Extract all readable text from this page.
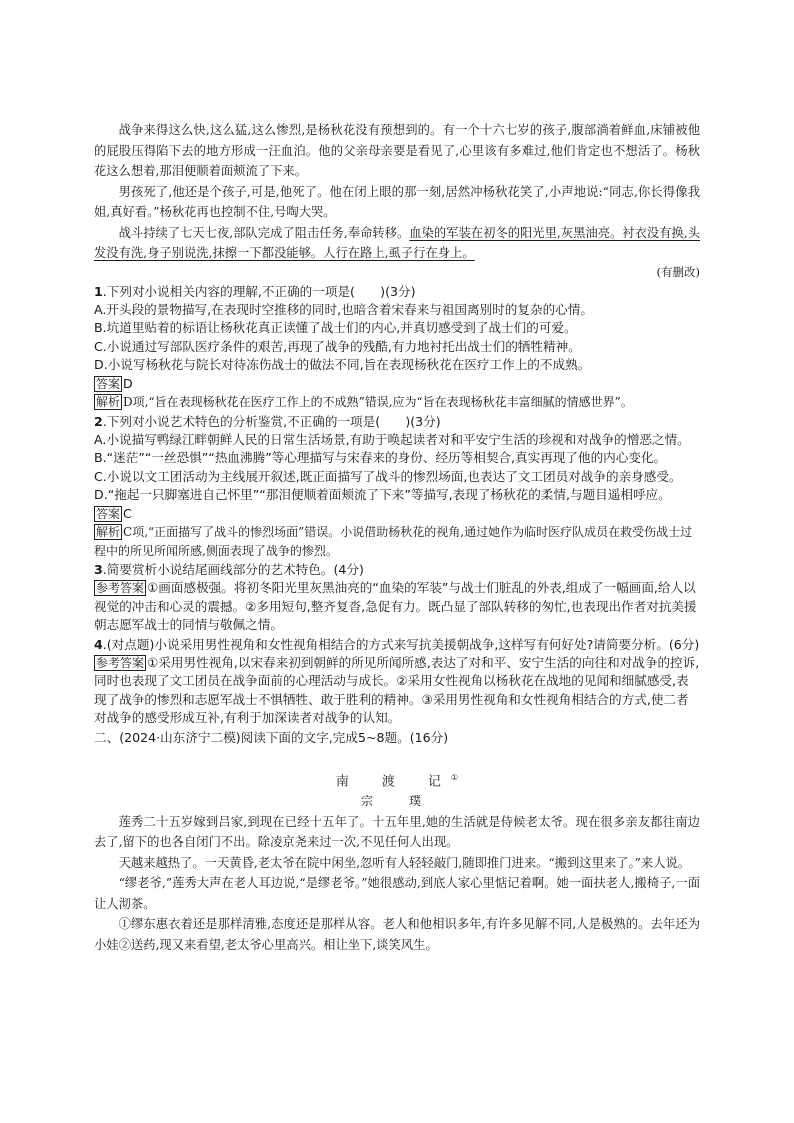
战争来得这么快,这么猛,这么惨烈,是杨秋花没有预想到的。有一个十六七岁的孩子,腹部淌着鲜血,床铺被他的屁股压得陷下去的地方形成一汪血泊。他的父亲母亲要是看见了,心里该有多难过,他们肯定也不想活了。杨秋花这么想着,那泪便顺着面颊流了下来。

男孩死了,他还是个孩子,可是,他死了。他在闭上眼的那一刻,居然冲杨秋花笑了,小声地说:“同志,你长得像我姐,真好看。”杨秋花再也控制不住,号啕大哭。

战斗持续了七天七夜,部队完成了阻击任务,奉命转移。血染的军装在初冬的阳光里,灰黑油亮。衬衣没有换,头发没有洗,身子别说洗,抹擦一下都没能够。人行在路上,虱子行在身上。

(有删改)

1.下列对小说相关内容的理解,不正确的一项是(　　)(3分)

A.开头段的景物描写,在表现时空推移的同时,也暗含着宋春来与祖国离别时的复杂的心情。

B.坑道里贴着的标语让杨秋花真正读懂了战士们的内心,并真切感受到了战士们的可爱。

C.小说通过写部队医疗条件的艰苦,再现了战争的残酷,有力地衬托出战士们的牺牲精神。

D.小说写杨秋花与院长对待冻伤战士的做法不同,旨在表现杨秋花在医疗工作上的不成熟。

答案 D

解析 D项,“旨在表现杨秋花在医疗工作上的不成熟”错误,应为“旨在表现杨秋花丰富细腻的情感世界”。

2.下列对小说艺术特色的分析鉴赏,不正确的一项是(　　)(3分)

A.小说描写鸭绿江畔朝鲜人民的日常生活场景,有助于唤起读者对和平安宁生活的珍视和对战争的憎恶之情。

B.“迷茫”“一丝恐惧”“热血沸腾”等心理描写与宋春来的身份、经历等相契合,真实再现了他的内心变化。

C.小说以文工团活动为主线展开叙述,既正面描写了战斗的惨烈场面,也表达了文工团员对战争的亲身感受。

D.“拖起一只脚塞进自己怀里”“那泪便顺着面颊流了下来”等描写,表现了杨秋花的柔情,与题目遥相呼应。

答案 C

解析 C项,“正面描写了战斗的惨烈场面”错误。小说借助杨秋花的视角,通过她作为临时医疗队成员在救受伤战士过程中的所见所闻所感,侧面表现了战争的惨烈。

3.简要赏析小说结尾画线部分的艺术特色。(4分)

参考答案 ①画面感极强。将初冬阳光里灰黑油亮的“血染的军装”与战士们脏乱的外表,组成了一幅画面,给人以视觉的冲击和心灵的震撼。②多用短句,整齐复沓,急促有力。既凸显了部队转移的匆忙,也表现出作者对抗美援朝志愿军战士的同情与敬佩之情。

4.(对点题)小说采用男性视角和女性视角相结合的方式来写抗美援朝战争,这样写有何好处?请简要分析。(6分)

参考答案 ①采用男性视角,以宋春来初到朝鲜的所见所闻所感,表达了对和平、安宁生活的向往和对战争的控诉,同时也表现了文工团员在战争面前的心理活动与成长。②采用女性视角以杨秋花在战地的见闻和细腻感受,表现了战争的惨烈和志愿军战士不惧牺牲、敢于胜利的精神。③采用男性视角和女性视角相结合的方式,使二者对战争的感受形成互补,有利于加深读者对战争的认知。

二、(2024·山东济宁二模)阅读下面的文字,完成5~8题。(16分)

南　渡　记①

宗　璞

莲秀二十五岁嫁到吕家,到现在已经十五年了。十五年里,她的生活就是侍候老太爷。现在很多亲友都往南边去了,留下的也各自闭门不出。除凌京尧来过一次,不见任何人出现。

天越来越热了。一天黄昏,老太爷在院中闲坐,忽听有人轻轻敲门,随即推门进来。“搬到这里来了。”来人说。

“缪老爷,”莲秀大声在老人耳边说,“是缪老爷。”她很感动,到底人家心里惦记着啊。她一面扶老人,搬椅子,一面让人沏茶。

①缪东惠衣着还是那样清雅,态度还是那样从容。老人和他相识多年,有许多见解不同,人是极熟的。去年还为小娃②送药,现又来看望,老太爷心里高兴。相让坐下,谈笑风生。
